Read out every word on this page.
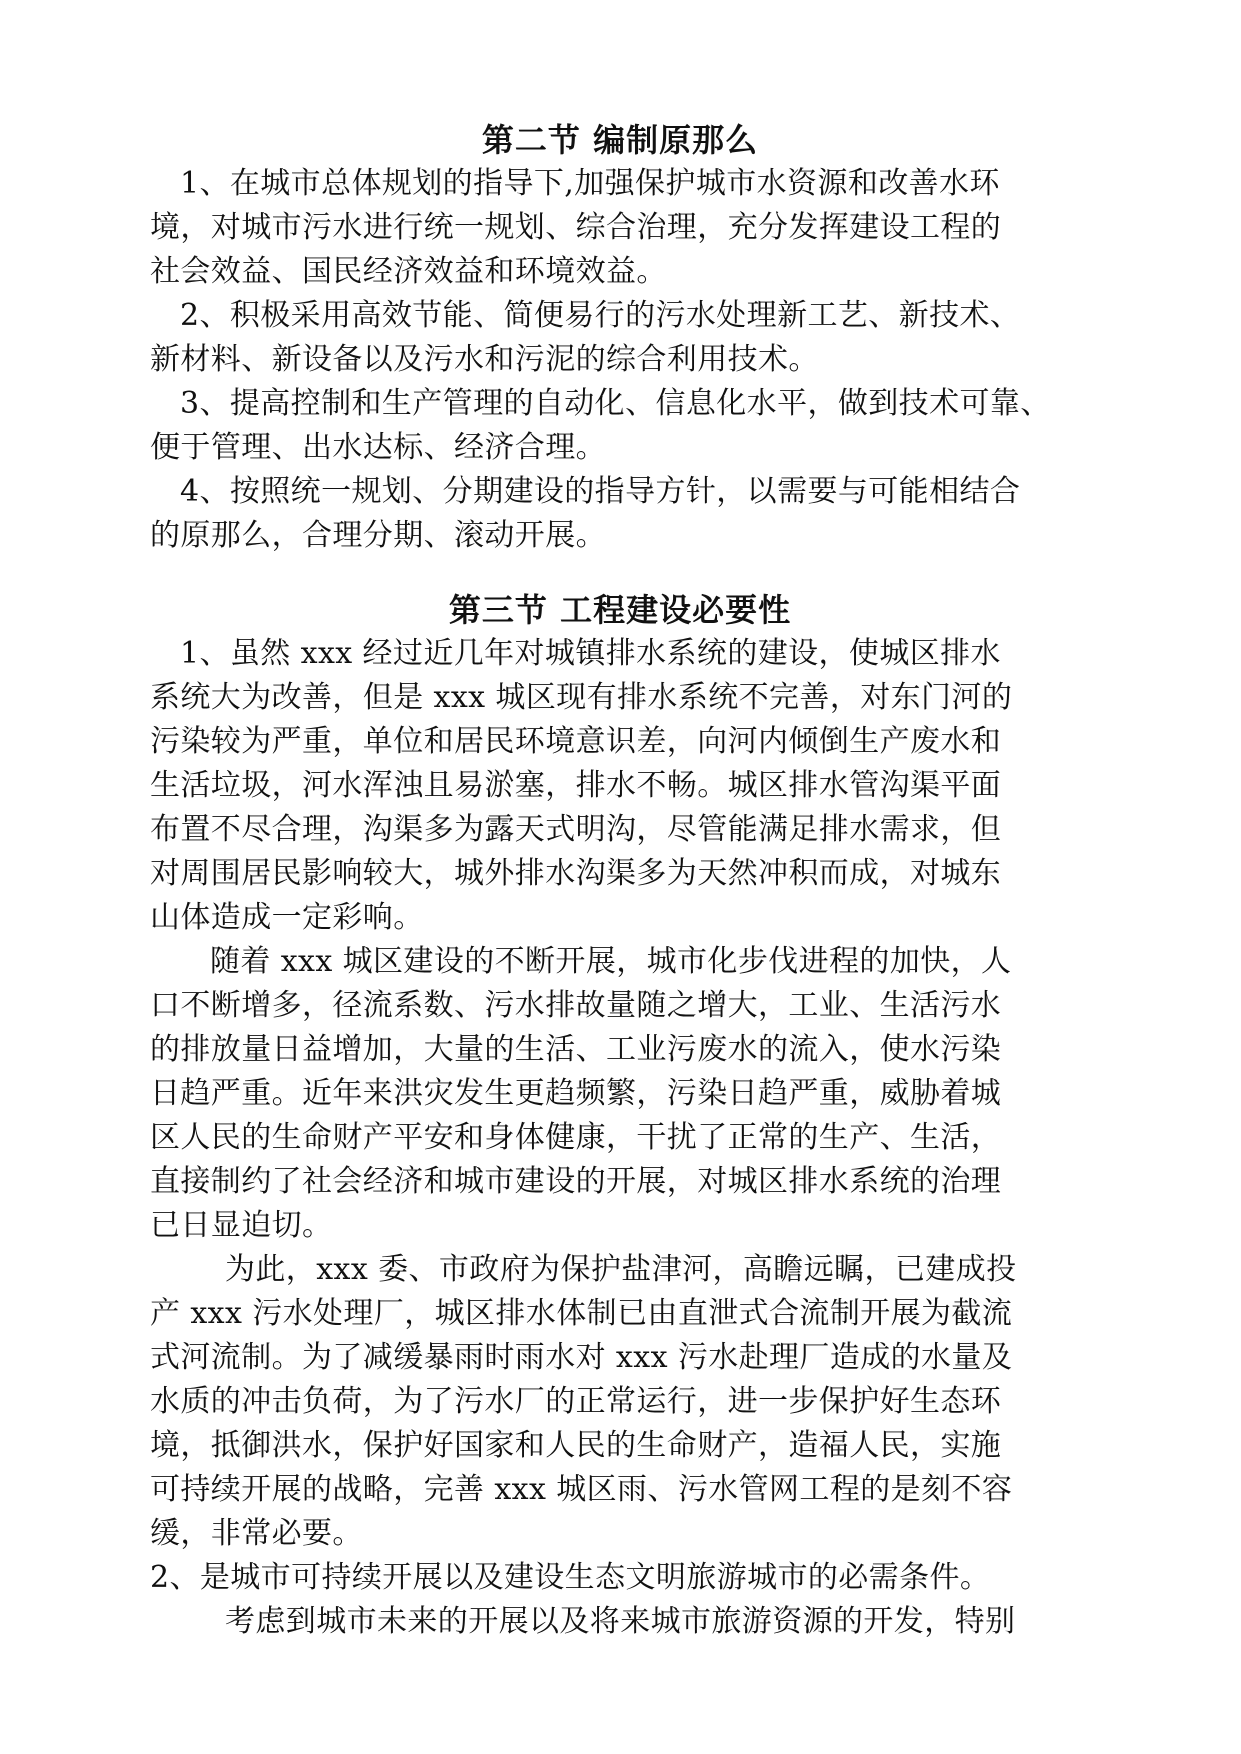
第二节 编制原那么
1、在城市总体规划的指导下,加强保护城市水资源和改善水环
境，对城市污水进行统一规划、综合治理，充分发挥建设工程的
社会效益、国民经济效益和环境效益。
2、积极采用高效节能、简便易行的污水处理新工艺、新技术、
新材料、新设备以及污水和污泥的综合利用技术。
3、提高控制和生产管理的自动化、信息化水平，做到技术可靠、
便于管理、出水达标、经济合理。
4、按照统一规划、分期建设的指导方针，以需要与可能相结合
的原那么，合理分期、滚动开展。
第三节 工程建设必要性
1、虽然 xxx 经过近几年对城镇排水系统的建设，使城区排水
系统大为改善，但是 xxx 城区现有排水系统不完善，对东门河的
污染较为严重，单位和居民环境意识差，向河内倾倒生产废水和
生活垃圾，河水浑浊且易淤塞，排水不畅。城区排水管沟渠平面
布置不尽合理，沟渠多为露天式明沟，尽管能满足排水需求，但
对周围居民影响较大，城外排水沟渠多为天然冲积而成，对城东
山体造成一定彩响。
随着 xxx 城区建设的不断开展，城市化步伐进程的加快，人
口不断增多，径流系数、污水排故量随之增大，工业、生活污水
的排放量日益增加，大量的生活、工业污废水的流入，使水污染
日趋严重。近年来洪灾发生更趋频繁，污染日趋严重，威胁着城
区人民的生命财产平安和身体健康，干扰了正常的生产、生活，
直接制约了社会经济和城市建设的开展，对城区排水系统的治理
已日显迫切。
为此，xxx 委、市政府为保护盐津河，高瞻远瞩，已建成投
产 xxx 污水处理厂，城区排水体制已由直泄式合流制开展为截流
式河流制。为了减缓暴雨时雨水对 xxx 污水赴理厂造成的水量及
水质的冲击负荷，为了污水厂的正常运行，进一步保护好生态环
境，抵御洪水，保护好国家和人民的生命财产，造福人民，实施
可持续开展的战略，完善 xxx 城区雨、污水管网工程的是刻不容
缓，非常必要。
2、是城市可持续开展以及建设生态文明旅游城市的必需条件。
考虑到城市未来的开展以及将来城市旅游资源的开发，特别
